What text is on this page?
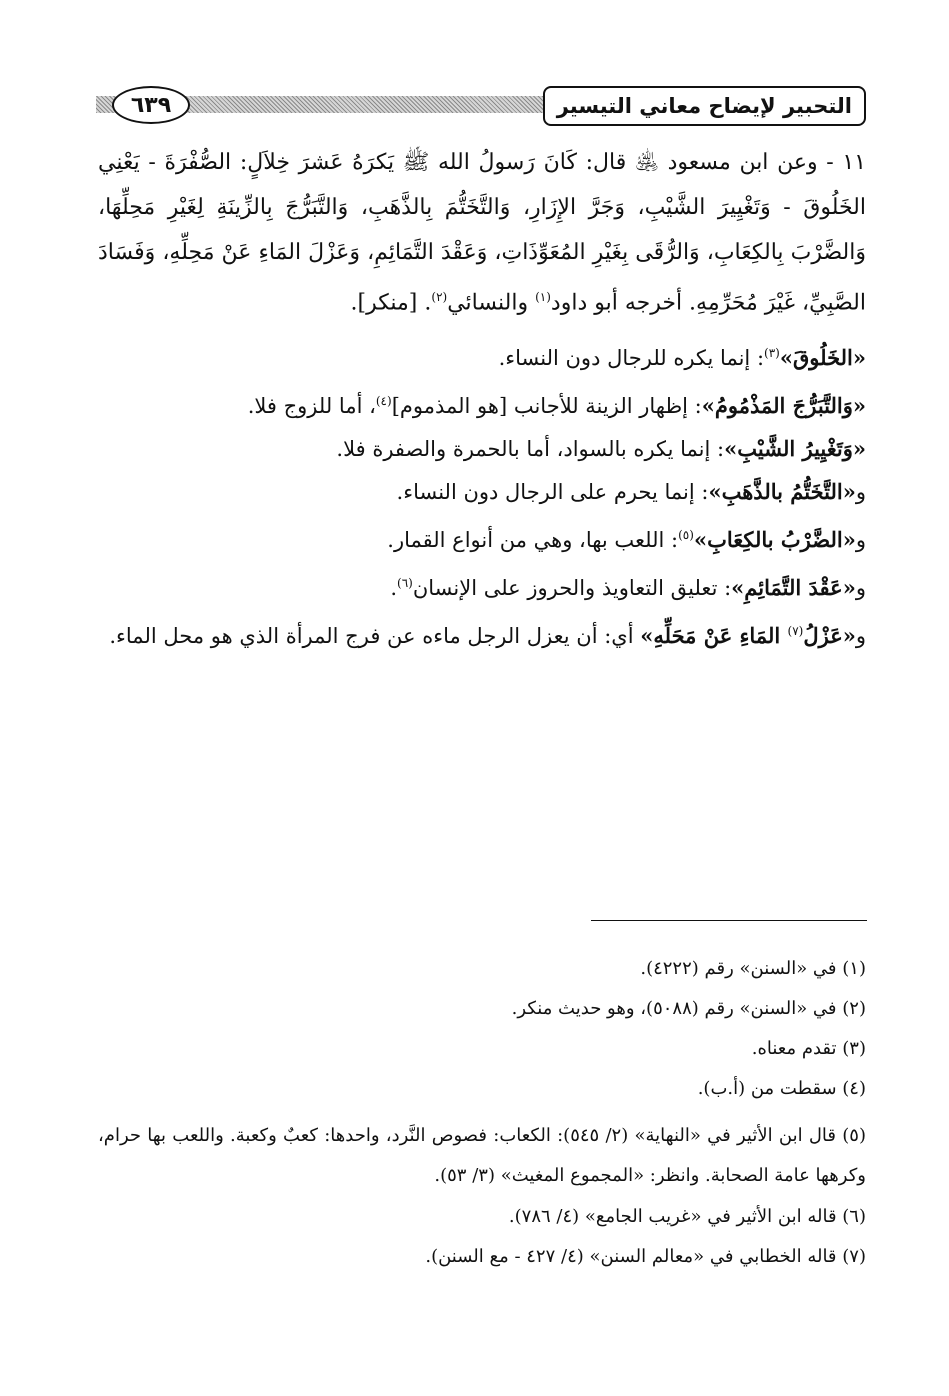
التحبير لإيضاح معاني التيسير
٦٣٩

١١ - وعن ابن مسعود ﵁ قال: كَانَ رَسولُ الله ﷺ يَكرَهُ عَشرَ خِلاَلٍ: الصُّفْرَةَ - يَعْنِي الخَلُوقَ - وَتَغْيِيرَ الشَّيْبِ، وَجَرَّ الإِزَارِ، وَالتَّخَتُّمَ بِالذَّهَبِ، وَالتَّبَرُّجَ بِالزِّينَةِ لِغَيْرِ مَحِلِّهَا، وَالضَّرْبَ بِالكِعَابِ، وَالرُّقَى بِغَيْرِ المُعَوِّذَاتِ، وَعَقْدَ التَّمَائِمِ، وَعَزْلَ المَاءِ عَنْ مَحِلِّهِ، وَفَسَادَ الصَّبِيِّ، غَيْرَ مُحَرِّمِهِ. أخرجه أبو داود$^{(١)}$ والنسائي$^{(٢)}$. [منكر].

«الخَلُوقَ»$^{(٣)}$: إنما يكره للرجال دون النساء.

«وَالتَّبَرُّجَ المَذْمُومُ»: إظهار الزينة للأجانب [هو المذموم]$^{(٤)}$، أما للزوج فلا.

«وَتَغْيِيرُ الشَّيْبِ»: إنما يكره بالسواد، أما بالحمرة والصفرة فلا.

و«التَّخَتُّمُ بالذَّهَبِ»: إنما يحرم على الرجال دون النساء.

و«الضَّرْبُ بالكِعَابِ»$^{(٥)}$: اللعب بها، وهي من أنواع القمار.

و«عَقْدَ التَّمَائِمِ»: تعليق التعاويذ والحروز على الإنسان$^{(٦)}$.

و«عَزْلُ$^{(٧)}$ المَاءِ عَنْ مَحَلِّهِ» أي: أن يعزل الرجل ماءه عن فرج المرأة الذي هو محل الماء.

(١) في «السنن» رقم (٤٢٢٢).

(٢) في «السنن» رقم (٥٠٨٨)، وهو حديث منكر.

(٣) تقدم معناه.

(٤) سقطت من (أ.ب).

(٥) قال ابن الأثير في «النهاية» (٢/ ٥٤٥): الكعاب: فصوص النَّرد، واحدها: كعبٌ وكعبة. واللعب بها حرام، وكرهها عامة الصحابة. وانظر: «المجموع المغيث» (٣/ ٥٣).

(٦) قاله ابن الأثير في «غريب الجامع» (٤/ ٧٨٦).

(٧) قاله الخطابي في «معالم السنن» (٤/ ٤٢٧ - مع السنن).
